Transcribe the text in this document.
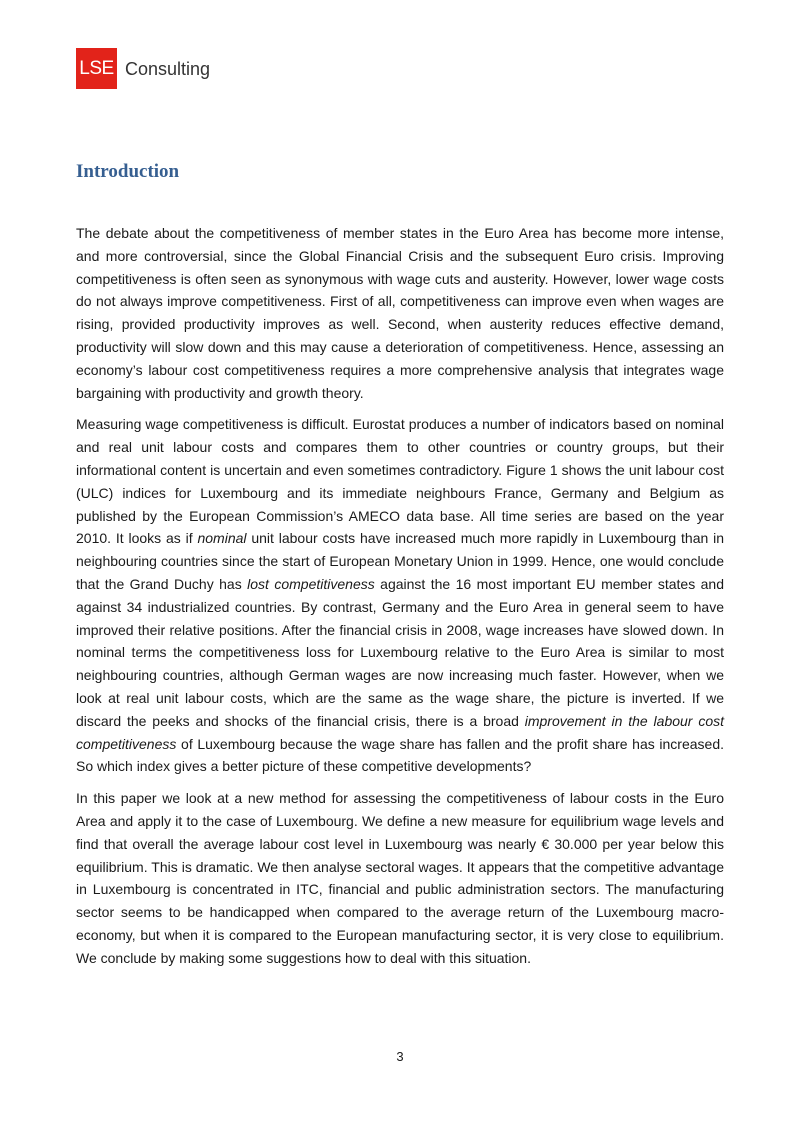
LSE Consulting
Introduction

The debate about the competitiveness of member states in the Euro Area has become more intense, and more controversial, since the Global Financial Crisis and the subsequent Euro crisis. Improving competitiveness is often seen as synonymous with wage cuts and austerity. However, lower wage costs do not always improve competitiveness. First of all, competitiveness can improve even when wages are rising, provided productivity improves as well. Second, when austerity reduces effective demand, productivity will slow down and this may cause a deterioration of competitiveness. Hence, assessing an economy’s labour cost competitiveness requires a more comprehensive analysis that integrates wage bargaining with productivity and growth theory.

Measuring wage competitiveness is difficult. Eurostat produces a number of indicators based on nominal and real unit labour costs and compares them to other countries or country groups, but their informational content is uncertain and even sometimes contradictory. Figure 1 shows the unit labour cost (ULC) indices for Luxembourg and its immediate neighbours France, Germany and Belgium as published by the European Commission’s AMECO data base. All time series are based on the year 2010. It looks as if nominal unit labour costs have increased much more rapidly in Luxembourg than in neighbouring countries since the start of European Monetary Union in 1999. Hence, one would conclude that the Grand Duchy has lost competitiveness against the 16 most important EU member states and against 34 industrialized countries. By contrast, Germany and the Euro Area in general seem to have improved their relative positions. After the financial crisis in 2008, wage increases have slowed down. In nominal terms the competitiveness loss for Luxembourg relative to the Euro Area is similar to most neighbouring countries, although German wages are now increasing much faster. However, when we look at real unit labour costs, which are the same as the wage share, the picture is inverted. If we discard the peeks and shocks of the financial crisis, there is a broad improvement in the labour cost competitiveness of Luxembourg because the wage share has fallen and the profit share has increased. So which index gives a better picture of these competitive developments?

In this paper we look at a new method for assessing the competitiveness of labour costs in the Euro Area and apply it to the case of Luxembourg. We define a new measure for equilibrium wage levels and find that overall the average labour cost level in Luxembourg was nearly € 30.000 per year below this equilibrium. This is dramatic. We then analyse sectoral wages. It appears that the competitive advantage in Luxembourg is concentrated in ITC, financial and public administration sectors. The manufacturing sector seems to be handicapped when compared to the average return of the Luxembourg macro-economy, but when it is compared to the European manufacturing sector, it is very close to equilibrium. We conclude by making some suggestions how to deal with this situation.

3
